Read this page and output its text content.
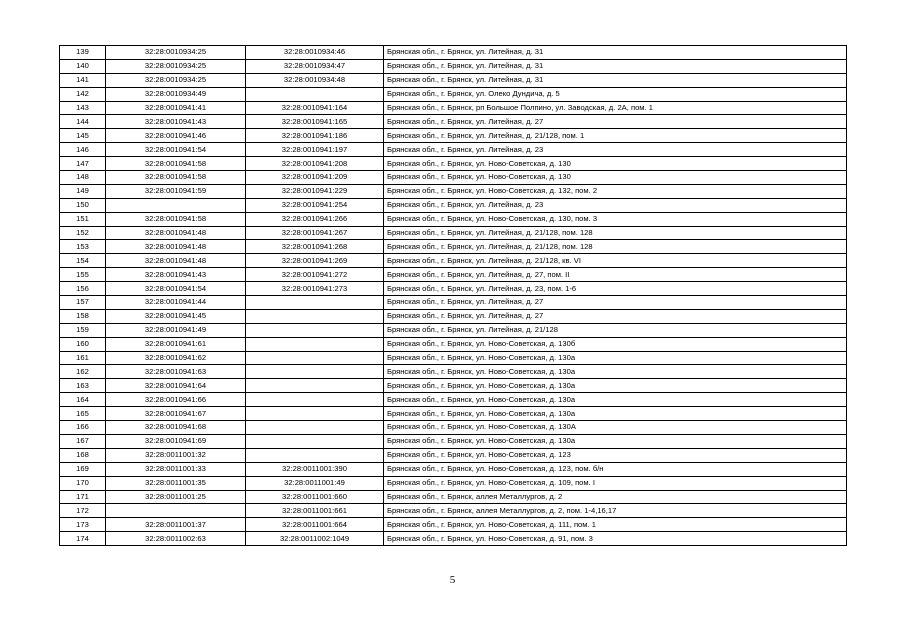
139	32:28:0010934:25	32:28:0010934:46	Брянская обл., г. Брянск, ул. Литейная, д. 31
140	32:28:0010934:25	32:28:0010934:47	Брянская обл., г. Брянск, ул. Литейная, д. 31
141	32:28:0010934:25	32:28:0010934:48	Брянская обл., г. Брянск, ул. Литейная, д. 31
142	32:28:0010934:49		Брянская обл., г. Брянск, ул. Олеко Дундича, д. 5
143	32:28:0010941:41	32:28:0010941:164	Брянская обл., г. Брянск, рп Большое Полпино, ул. Заводская, д. 2А, пом. 1
144	32:28:0010941:43	32:28:0010941:165	Брянская обл., г. Брянск, ул. Литейная, д. 27
145	32:28:0010941:46	32:28:0010941:186	Брянская обл., г. Брянск, ул. Литейная, д. 21/128, пом. 1
146	32:28:0010941:54	32:28:0010941:197	Брянская обл., г. Брянск, ул. Литейная, д. 23
147	32:28:0010941:58	32:28:0010941:208	Брянская обл., г. Брянск, ул. Ново-Советская, д. 130
148	32:28:0010941:58	32:28:0010941:209	Брянская обл., г. Брянск, ул. Ново-Советская, д. 130
149	32:28:0010941:59	32:28:0010941:229	Брянская обл., г. Брянск, ул. Ново-Советская, д. 132, пом. 2
150		32:28:0010941:254	Брянская обл., г. Брянск, ул. Литейная, д. 23
151	32:28:0010941:58	32:28:0010941:266	Брянская обл., г. Брянск, ул. Ново-Советская, д. 130, пом. 3
152	32:28:0010941:48	32:28:0010941:267	Брянская обл., г. Брянск, ул. Литейная, д. 21/128, пом. 128
153	32:28:0010941:48	32:28:0010941:268	Брянская обл., г. Брянск, ул. Литейная, д. 21/128, пом. 128
154	32:28:0010941:48	32:28:0010941:269	Брянская обл., г. Брянск, ул. Литейная, д. 21/128, кв. VI
155	32:28:0010941:43	32:28:0010941:272	Брянская обл., г. Брянск, ул. Литейная, д. 27, пом. II
156	32:28:0010941:54	32:28:0010941:273	Брянская обл., г. Брянск, ул. Литейная, д. 23, пом. 1-6
157	32:28:0010941:44		Брянская обл., г. Брянск, ул. Литейная, д. 27
158	32:28:0010941:45		Брянская обл., г. Брянск, ул. Литейная, д. 27
159	32:28:0010941:49		Брянская обл., г. Брянск, ул. Литейная, д. 21/128
160	32:28:0010941:61		Брянская обл., г. Брянск, ул. Ново-Советская, д. 130б
161	32:28:0010941:62		Брянская обл., г. Брянск, ул. Ново-Советская, д. 130а
162	32:28:0010941:63		Брянская обл., г. Брянск, ул. Ново-Советская, д. 130а
163	32:28:0010941:64		Брянская обл., г. Брянск, ул. Ново-Советская, д. 130а
164	32:28:0010941:66		Брянская обл., г. Брянск, ул. Ново-Советская, д. 130а
165	32:28:0010941:67		Брянская обл., г. Брянск, ул. Ново-Советская, д. 130а
166	32:28:0010941:68		Брянская обл., г. Брянск, ул. Ново-Советская, д. 130А
167	32:28:0010941:69		Брянская обл., г. Брянск, ул. Ново-Советская, д. 130а
168	32:28:0011001:32		Брянская обл., г. Брянск, ул. Ново-Советская, д. 123
169	32:28:0011001:33	32:28:0011001:390	Брянская обл., г. Брянск, ул. Ново-Советская, д. 123, пом. б/н
170	32:28:0011001:35	32:28:0011001:49	Брянская обл., г. Брянск, ул. Ново-Советская, д. 109, пом. I
171	32:28:0011001:25	32:28:0011001:660	Брянская обл., г. Брянск, аллея Металлургов, д. 2
172		32:28:0011001:661	Брянская обл., г. Брянск, аллея Металлургов, д. 2, пом. 1-4,16,17
173	32:28:0011001:37	32:28:0011001:664	Брянская обл., г. Брянск, ул. Ново-Советская, д. 111, пом. 1
174	32:28:0011002:63	32:28:0011002:1049	Брянская обл., г. Брянск, ул. Ново-Советская, д. 91, пом. 3
5
